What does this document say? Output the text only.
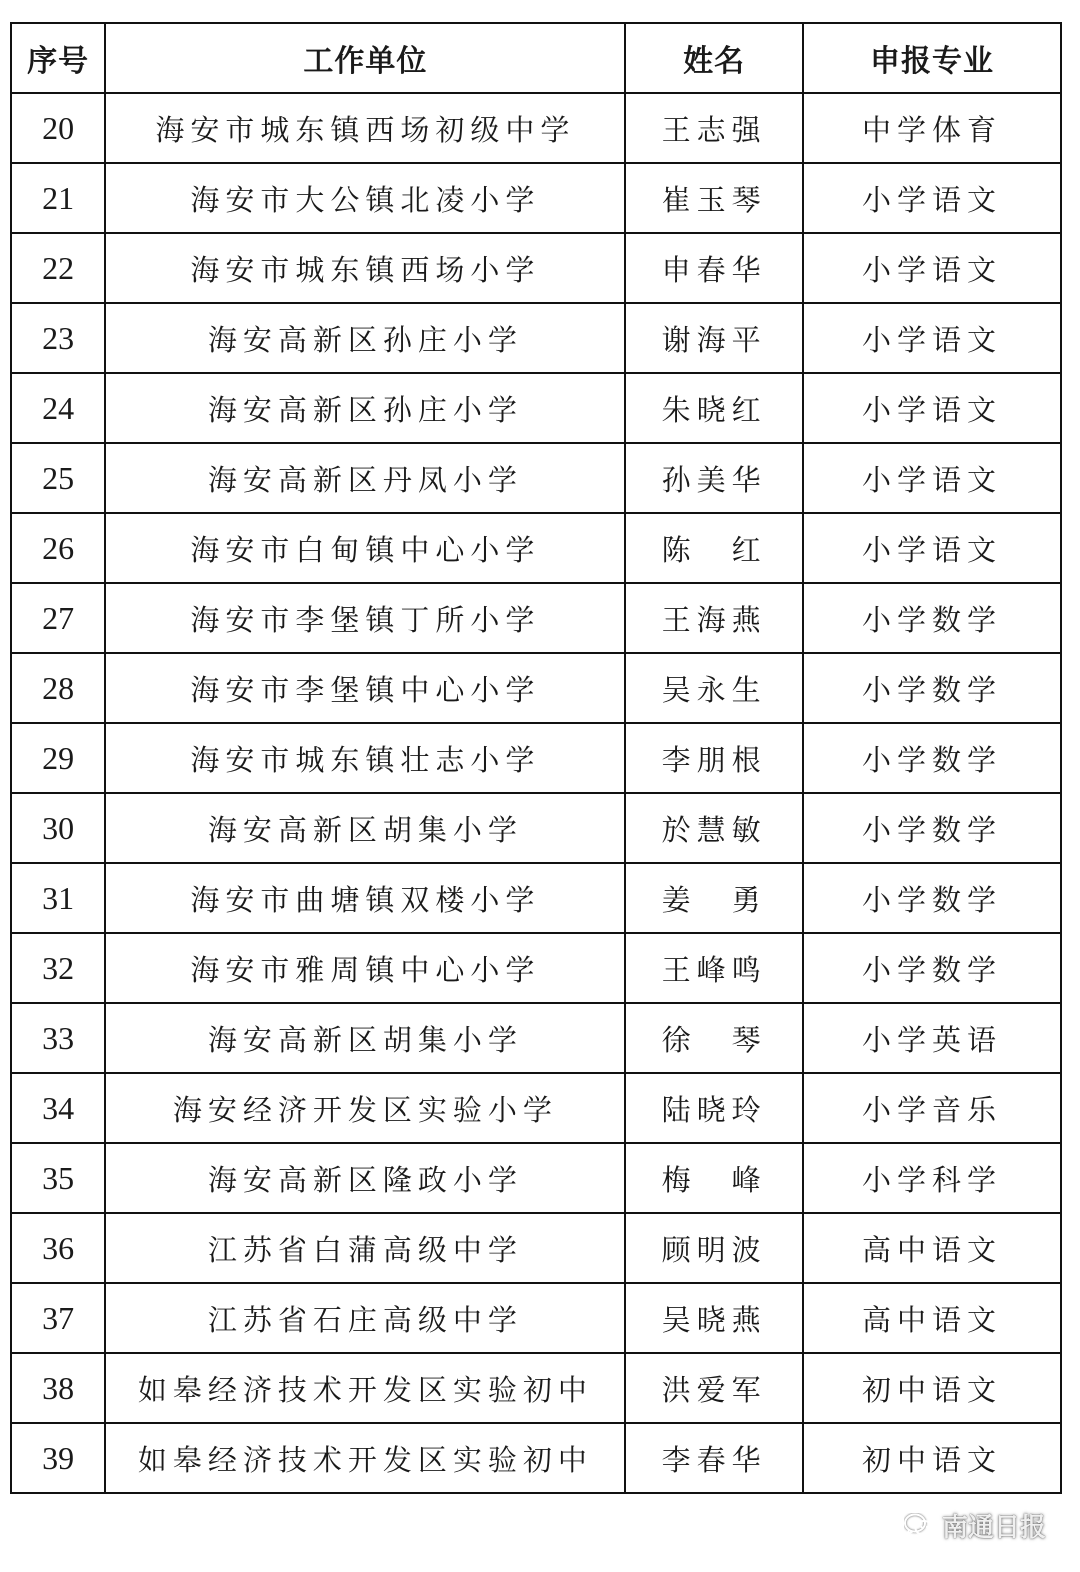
序号	工作单位	姓名	申报专业
20	海安市城东镇西场初级中学	王志强	中学体育
21	海安市大公镇北凌小学	崔玉琴	小学语文
22	海安市城东镇西场小学	申春华	小学语文
23	海安高新区孙庄小学	谢海平	小学语文
24	海安高新区孙庄小学	朱晓红	小学语文
25	海安高新区丹凤小学	孙美华	小学语文
26	海安市白甸镇中心小学	陈　红	小学语文
27	海安市李堡镇丁所小学	王海燕	小学数学
28	海安市李堡镇中心小学	吴永生	小学数学
29	海安市城东镇壮志小学	李朋根	小学数学
30	海安高新区胡集小学	於慧敏	小学数学
31	海安市曲塘镇双楼小学	姜　勇	小学数学
32	海安市雅周镇中心小学	王峰鸣	小学数学
33	海安高新区胡集小学	徐　琴	小学英语
34	海安经济开发区实验小学	陆晓玲	小学音乐
35	海安高新区隆政小学	梅　峰	小学科学
36	江苏省白蒲高级中学	顾明波	高中语文
37	江苏省石庄高级中学	吴晓燕	高中语文
38	如皋经济技术开发区实验初中	洪爱军	初中语文
39	如皋经济技术开发区实验初中	李春华	初中语文
南通日报
